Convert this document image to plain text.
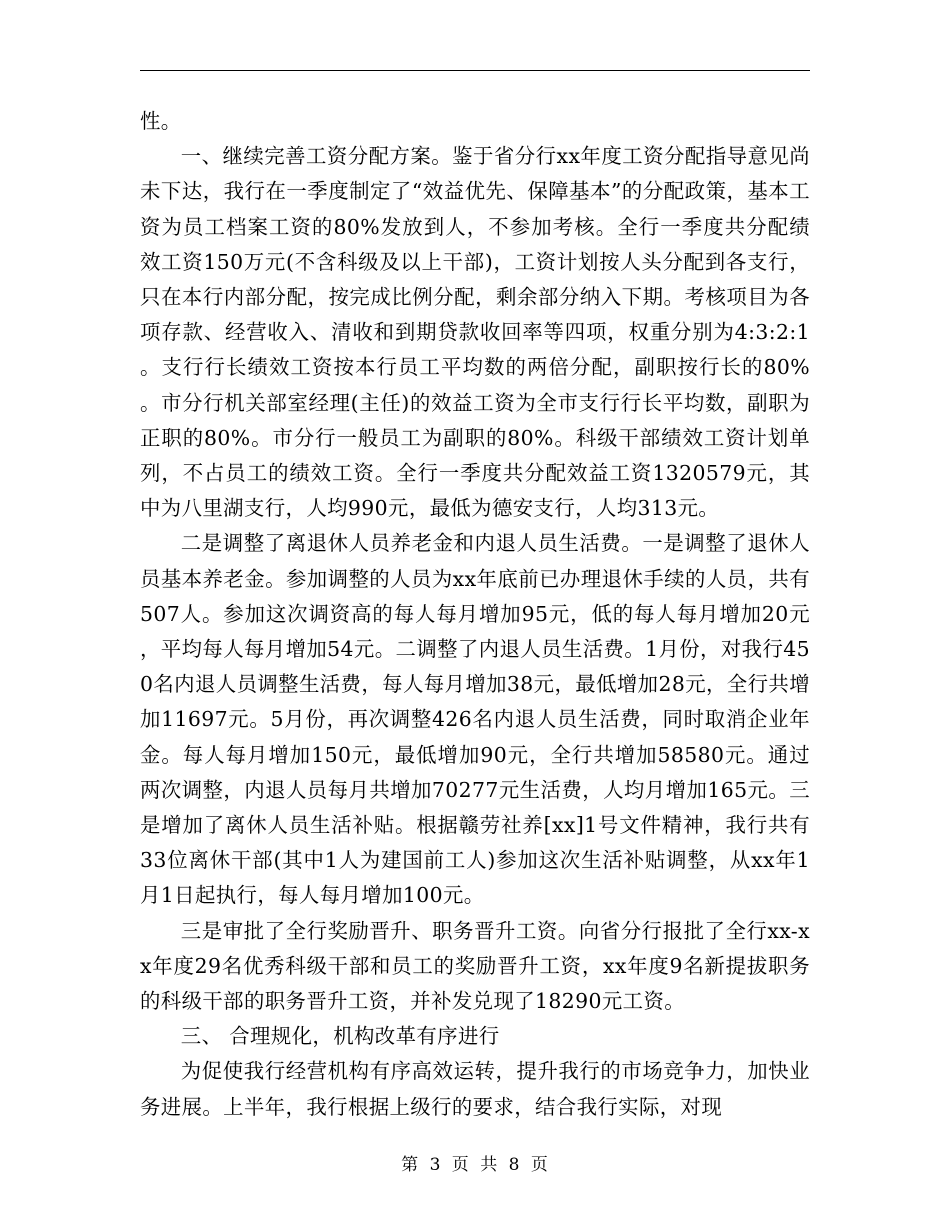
性。

一、继续完善工资分配方案。鉴于省分行xx年度工资分配指导意见尚未下达，我行在一季度制定了“效益优先、保障基本”的分配政策，基本工资为员工档案工资的80%发放到人，不参加考核。全行一季度共分配绩效工资150万元(不含科级及以上干部)，工资计划按人头分配到各支行，只在本行内部分配，按完成比例分配，剩余部分纳入下期。考核项目为各项存款、经营收入、清收和到期贷款收回率等四项，权重分别为4:3:2:1。支行行长绩效工资按本行员工平均数的两倍分配，副职按行长的80%。市分行机关部室经理(主任)的效益工资为全市支行行长平均数，副职为正职的80%。市分行一般员工为副职的80%。科级干部绩效工资计划单列，不占员工的绩效工资。全行一季度共分配效益工资1320579元，其中为八里湖支行，人均990元，最低为德安支行，人均313元。

二是调整了离退休人员养老金和内退人员生活费。一是调整了退休人员基本养老金。参加调整的人员为xx年底前已办理退休手续的人员，共有507人。参加这次调资高的每人每月增加95元，低的每人每月增加20元，平均每人每月增加54元。二调整了内退人员生活费。1月份，对我行450名内退人员调整生活费，每人每月增加38元，最低增加28元，全行共增加11697元。5月份，再次调整426名内退人员生活费，同时取消企业年金。每人每月增加150元，最低增加90元，全行共增加58580元。通过两次调整，内退人员每月共增加70277元生活费，人均月增加165元。三是增加了离休人员生活补贴。根据赣劳社养[xx]1号文件精神，我行共有33位离休干部(其中1人为建国前工人)参加这次生活补贴调整，从xx年1月1日起执行，每人每月增加100元。

三是审批了全行奖励晋升、职务晋升工资。向省分行报批了全行xx-xx年度29名优秀科级干部和员工的奖励晋升工资，xx年度9名新提拔职务的科级干部的职务晋升工资，并补发兑现了18290元工资。

三、 合理规化，机构改革有序进行

为促使我行经营机构有序高效运转，提升我行的市场竞争力，加快业务进展。上半年，我行根据上级行的要求，结合我行实际，对现

第 3 页 共 8 页
